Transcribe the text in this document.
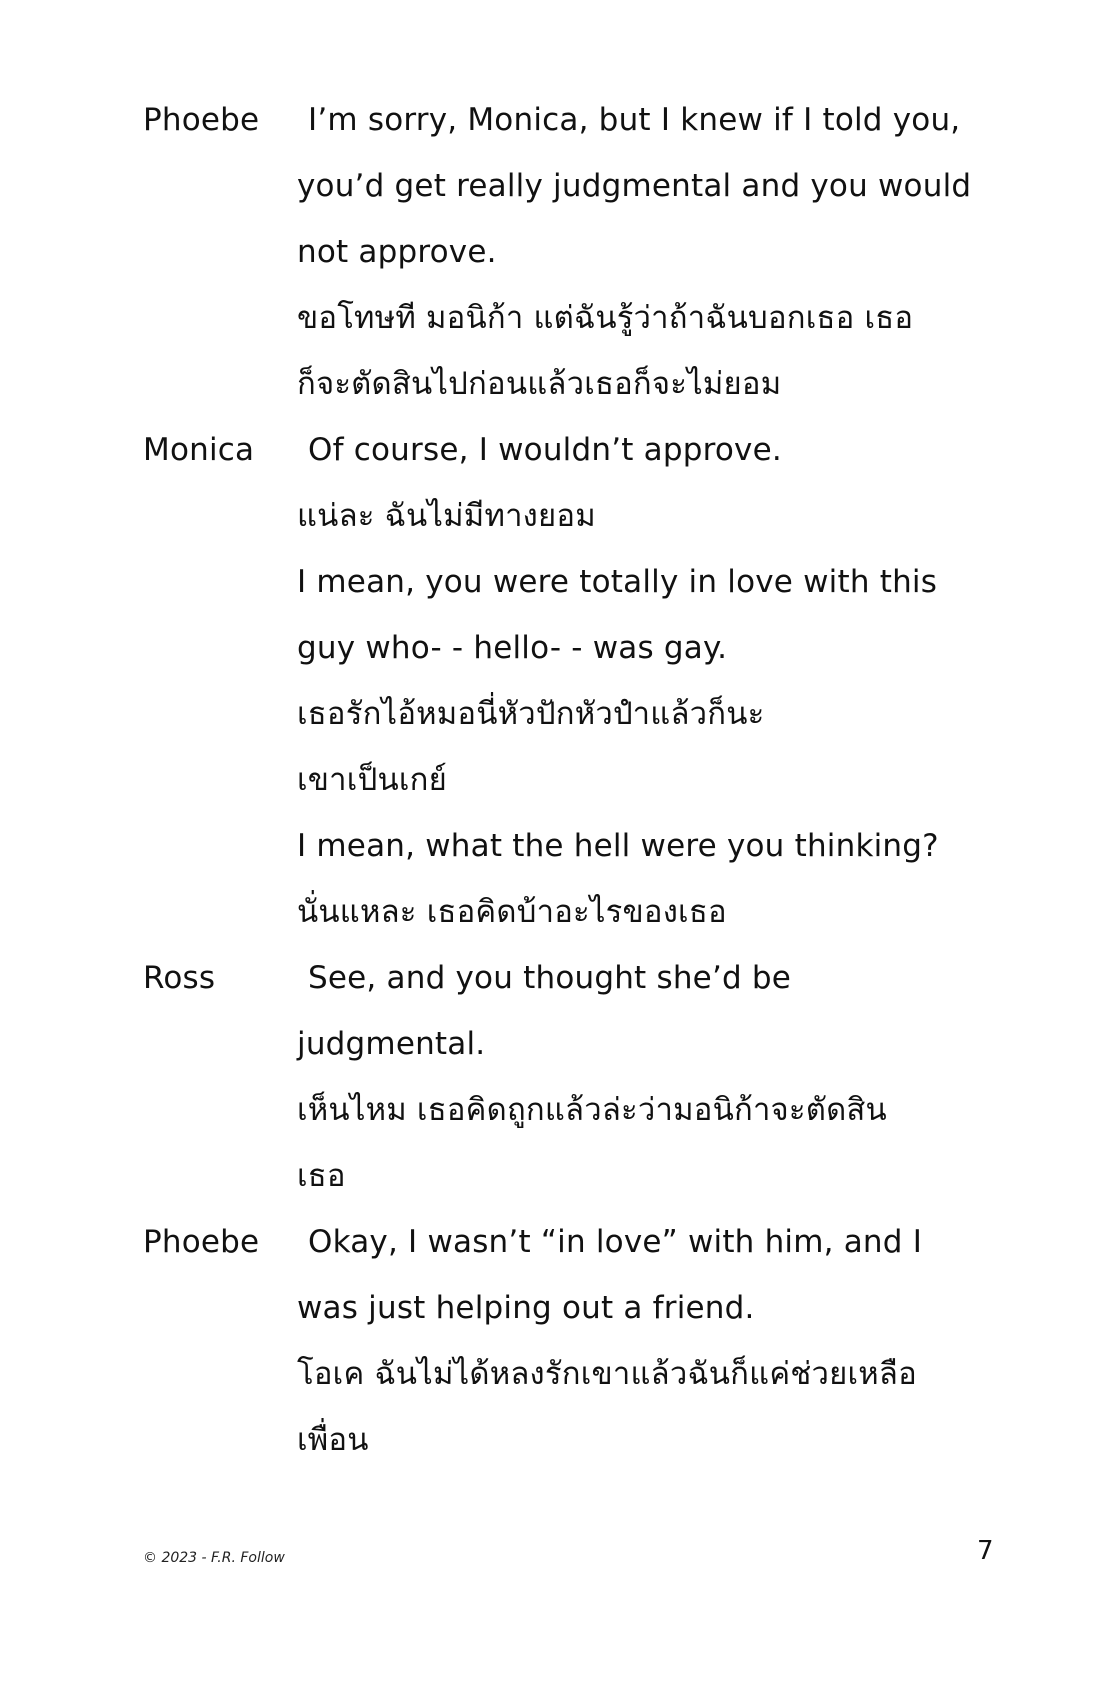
Phoebe I’m sorry, Monica, but I knew if I told you,
you’d get really judgmental and you would
not approve.
ขอโทษที มอนิก้า แต่ฉันรู้ว่าถ้าฉันบอกเธอ เธอ
ก็จะตัดสินไปก่อนแล้วเธอก็จะไม่ยอม
Monica Of course, I wouldn’t approve.
แน่ละ ฉันไม่มีทางยอม
I mean, you were totally in love with this
guy who- - hello- - was gay.
เธอรักไอ้หมอนี่หัวปักหัวปำแล้วก็นะ
เขาเป็นเกย์
I mean, what the hell were you thinking?
นั่นแหละ เธอคิดบ้าอะไรของเธอ
Ross	See, and you thought she’d be
judgmental.
เห็นไหม เธอคิดถูกแล้วล่ะว่ามอนิก้าจะตัดสิน
เธอ
Phoebe Okay, I wasn’t “in love” with him, and I
was just helping out a friend.
โอเค ฉันไม่ได้หลงรักเขาแล้วฉันก็แค่ช่วยเหลือ
เพื่อน
© 2023 - F.R. Follow	7
